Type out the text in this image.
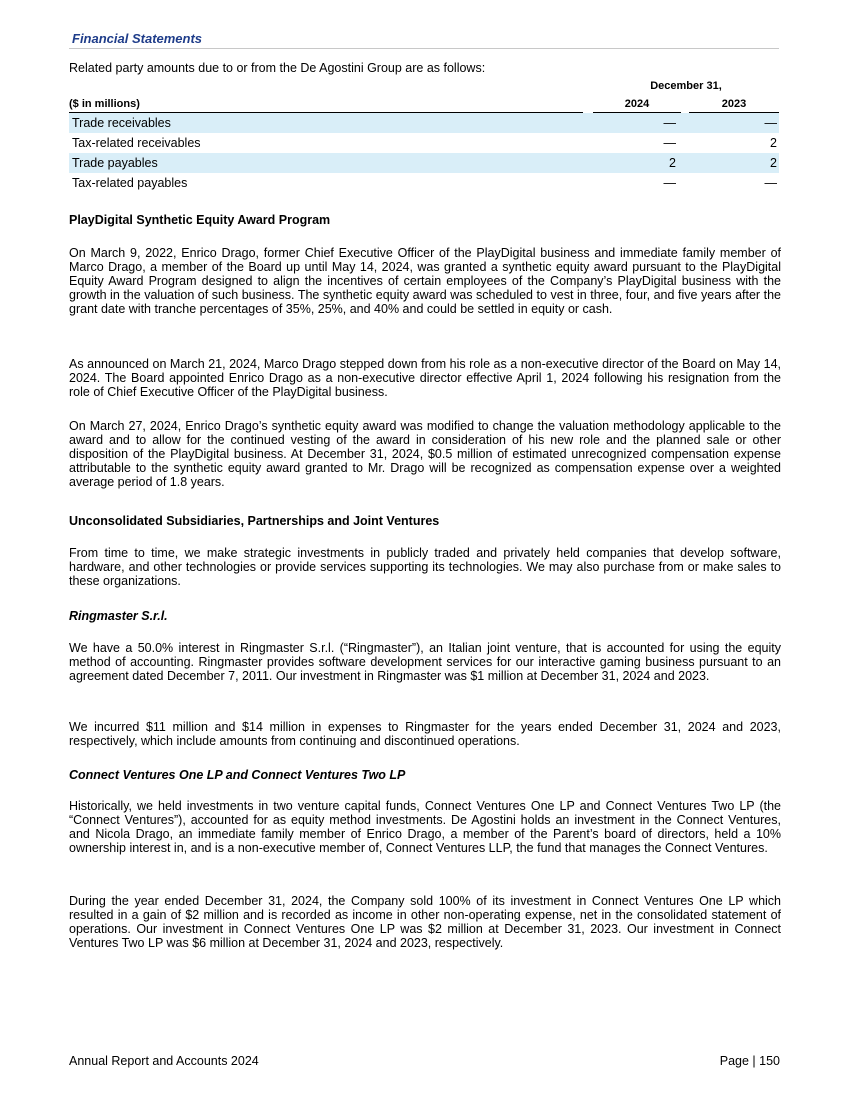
Financial Statements
Related party amounts due to or from the De Agostini Group are as follows:
December 31,
($ in millions)	2024	2023
Trade receivables	—	—
Tax-related receivables	—	2
Trade payables	2	2
Tax-related payables	—	—
PlayDigital Synthetic Equity Award Program

On March 9, 2022, Enrico Drago, former Chief Executive Officer of the PlayDigital business and immediate family member of Marco Drago, a member of the Board up until May 14, 2024, was granted a synthetic equity award pursuant to the PlayDigital Equity Award Program designed to align the incentives of certain employees of the Company’s PlayDigital business with the growth in the valuation of such business. The synthetic equity award was scheduled to vest in three, four, and five years after the grant date with tranche percentages of 35%, 25%, and 40% and could be settled in equity or cash.

As announced on March 21, 2024, Marco Drago stepped down from his role as a non-executive director of the Board on May 14, 2024. The Board appointed Enrico Drago as a non-executive director effective April 1, 2024 following his resignation from the role of Chief Executive Officer of the PlayDigital business.

On March 27, 2024, Enrico Drago’s synthetic equity award was modified to change the valuation methodology applicable to the award and to allow for the continued vesting of the award in consideration of his new role and the planned sale or other disposition of the PlayDigital business. At December 31, 2024, $0.5 million of estimated unrecognized compensation expense attributable to the synthetic equity award granted to Mr. Drago will be recognized as compensation expense over a weighted average period of 1.8 years.

Unconsolidated Subsidiaries, Partnerships and Joint Ventures

From time to time, we make strategic investments in publicly traded and privately held companies that develop software, hardware, and other technologies or provide services supporting its technologies. We may also purchase from or make sales to these organizations.

Ringmaster S.r.l.

We have a 50.0% interest in Ringmaster S.r.l. (“Ringmaster”), an Italian joint venture, that is accounted for using the equity method of accounting. Ringmaster provides software development services for our interactive gaming business pursuant to an agreement dated December 7, 2011. Our investment in Ringmaster was $1 million at December 31, 2024 and 2023.

We incurred $11 million and $14 million in expenses to Ringmaster for the years ended December 31, 2024 and 2023, respectively, which include amounts from continuing and discontinued operations.

Connect Ventures One LP and Connect Ventures Two LP

Historically, we held investments in two venture capital funds, Connect Ventures One LP and Connect Ventures Two LP (the “Connect Ventures”), accounted for as equity method investments. De Agostini holds an investment in the Connect Ventures, and Nicola Drago, an immediate family member of Enrico Drago, a member of the Parent’s board of directors, held a 10% ownership interest in, and is a non-executive member of, Connect Ventures LLP, the fund that manages the Connect Ventures.

During the year ended December 31, 2024, the Company sold 100% of its investment in Connect Ventures One LP which resulted in a gain of $2 million and is recorded as income in other non-operating expense, net in the consolidated statement of operations. Our investment in Connect Ventures One LP was $2 million at December 31, 2023. Our investment in Connect Ventures Two LP was $6 million at December 31, 2024 and 2023, respectively.

Annual Report and Accounts 2024	Page | 150
